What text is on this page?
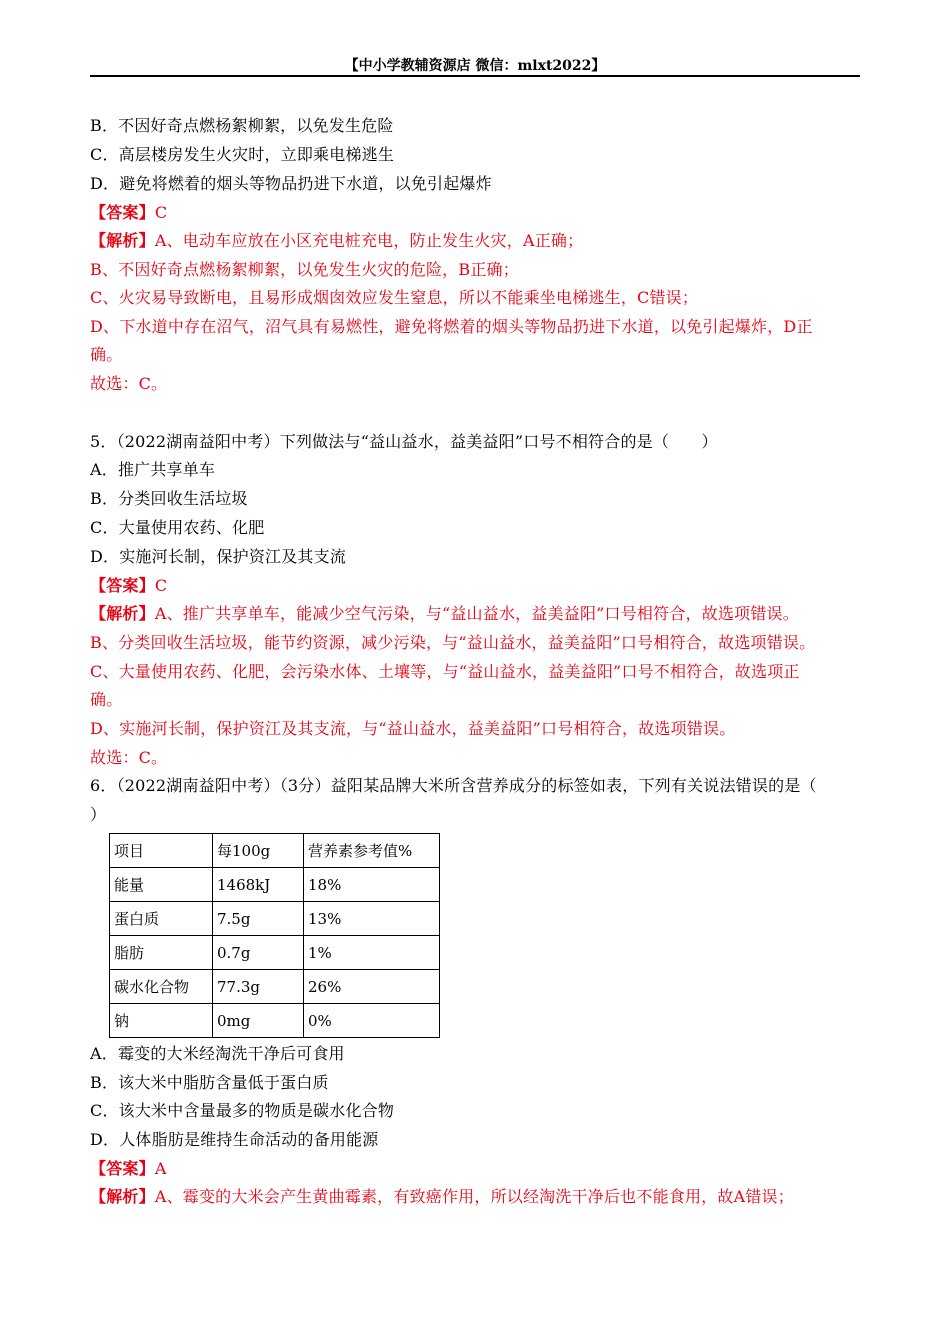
【中小学教辅资源店 微信：mlxt2022】
B．不因好奇点燃杨絮柳絮，以免发生危险
C．高层楼房发生火灾时，立即乘电梯逃生
D．避免将燃着的烟头等物品扔进下水道，以免引起爆炸
【答案】C
【解析】A、电动车应放在小区充电桩充电，防止发生火灾，A正确；
B、不因好奇点燃杨絮柳絮，以免发生火灾的危险，B正确；
C、火灾易导致断电，且易形成烟囱效应发生窒息，所以不能乘坐电梯逃生，C错误；
D、下水道中存在沼气，沼气具有易燃性，避免将燃着的烟头等物品扔进下水道，以免引起爆炸，D正
确。
故选：C。
5．（2022湖南益阳中考）下列做法与“益山益水，益美益阳”口号不相符合的是（　　）
A．推广共享单车
B．分类回收生活垃圾
C．大量使用农药、化肥
D．实施河长制，保护资江及其支流
【答案】C
【解析】A、推广共享单车，能减少空气污染，与“益山益水，益美益阳”口号相符合，故选项错误。
B、分类回收生活垃圾，能节约资源，减少污染，与“益山益水，益美益阳”口号相符合，故选项错误。
C、大量使用农药、化肥，会污染水体、土壤等，与“益山益水，益美益阳”口号不相符合，故选项正
确。
D、实施河长制，保护资江及其支流，与“益山益水，益美益阳”口号相符合，故选项错误。
故选：C。
6．（2022湖南益阳中考）（3分）益阳某品牌大米所含营养成分的标签如表，下列有关说法错误的是（
）
项目	每100g	营养素参考值%
能量	1468kJ	18%
蛋白质	7.5g	13%
脂肪	0.7g	1%
碳水化合物	77.3g	26%
钠	0mg	0%
A．霉变的大米经淘洗干净后可食用
B．该大米中脂肪含量低于蛋白质
C．该大米中含量最多的物质是碳水化合物
D．人体脂肪是维持生命活动的备用能源
【答案】A
【解析】A、霉变的大米会产生黄曲霉素，有致癌作用，所以经淘洗干净后也不能食用，故A错误；
